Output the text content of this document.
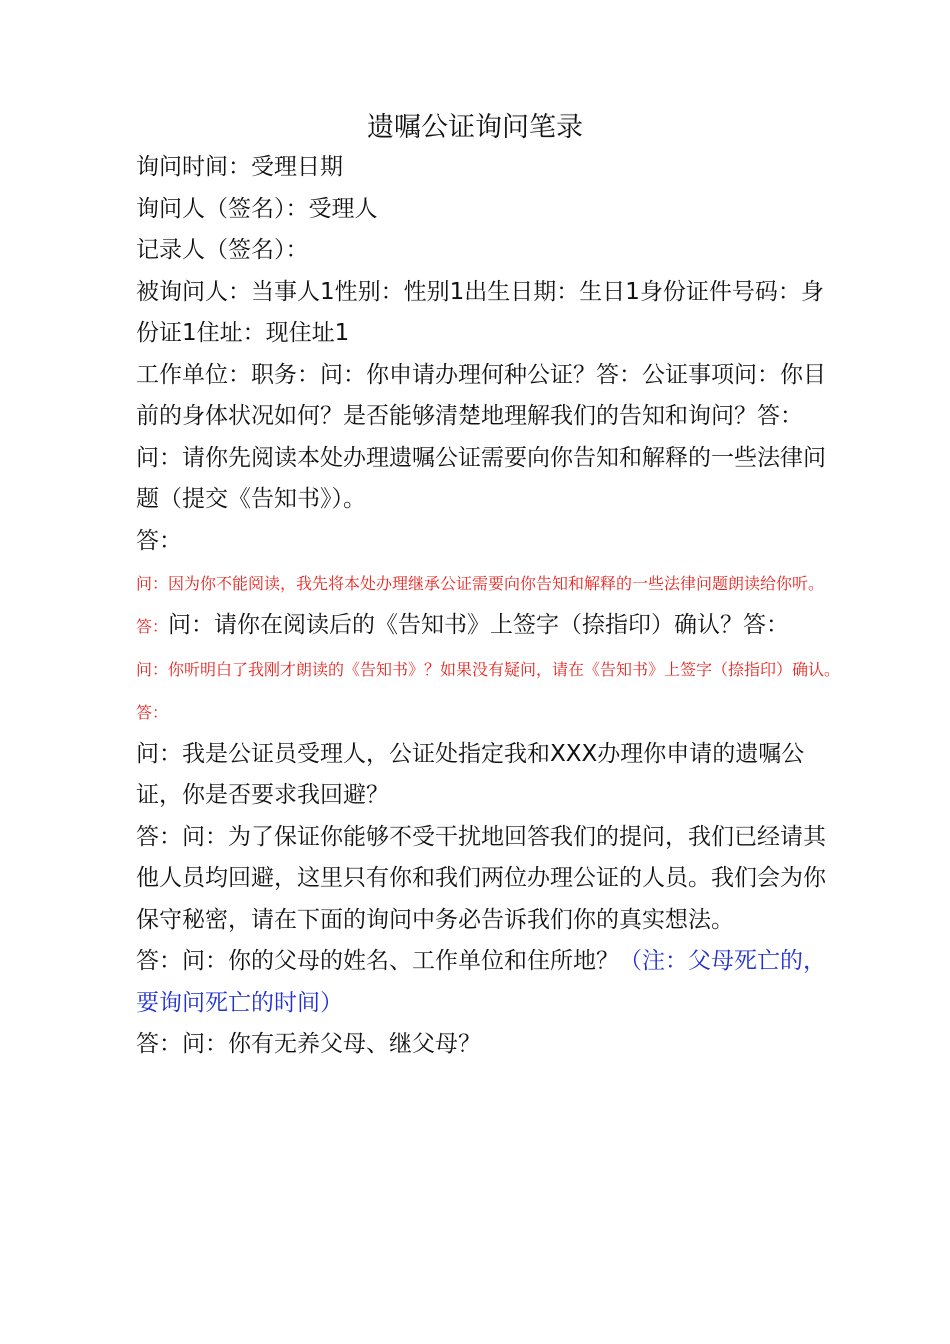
遗嘱公证询问笔录

询问时间：受理日期

询问人（签名）：受理人

记录人（签名）：

被询问人：当事人1性别：性别1出生日期：生日1身份证件号码：身份证1住址：现住址1

工作单位：职务：问：你申请办理何种公证？答：公证事项问：你目前的身体状况如何？是否能够清楚地理解我们的告知和询问？答：问：请你先阅读本处办理遗嘱公证需要向你告知和解释的一些法律问题（提交《告知书》）。

答：

问：因为你不能阅读，我先将本处办理继承公证需要向你告知和解释的一些法律问题朗读给你听。

答：问：请你在阅读后的《告知书》上签字（捺指印）确认？答：

问：你听明白了我刚才朗读的《告知书》？如果没有疑问，请在《告知书》上签字（捺指印）确认。

答：

问：我是公证员受理人，公证处指定我和XXX办理你申请的遗嘱公证，你是否要求我回避？

答：问：为了保证你能够不受干扰地回答我们的提问，我们已经请其他人员均回避，这里只有你和我们两位办理公证的人员。我们会为你保守秘密，请在下面的询问中务必告诉我们你的真实想法。

答：问：你的父母的姓名、工作单位和住所地？（注：父母死亡的，要询问死亡的时间）

答：问：你有无养父母、继父母？
